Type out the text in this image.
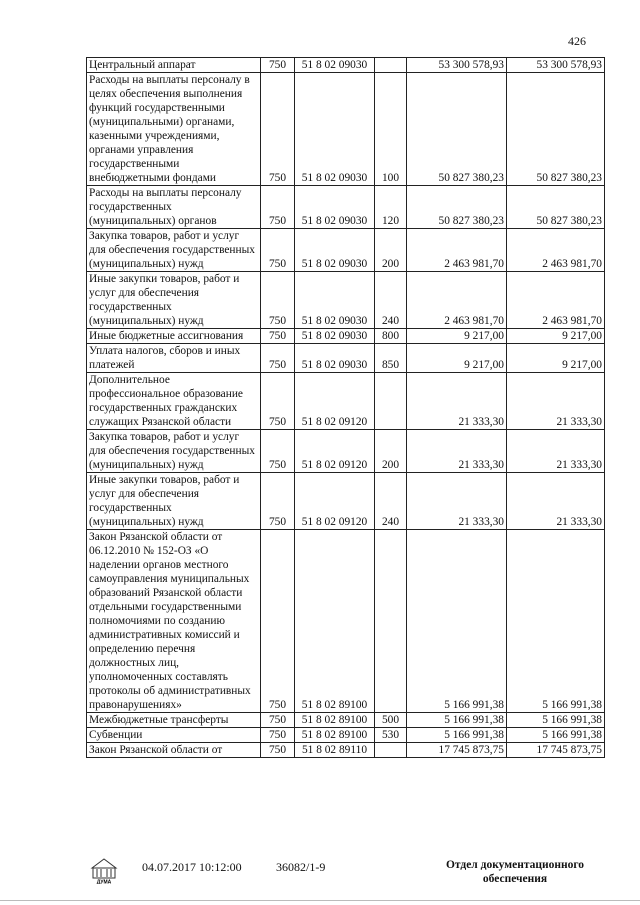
426
Центральный аппарат	750	51 8 02 09030		53 300 578,93	53 300 578,93
Расходы на выплаты персоналу в целях обеспечения выполнения функций государственными (муниципальными) органами, казенными учреждениями, органами управления государственными внебюджетными фондами	750	51 8 02 09030	100	50 827 380,23	50 827 380,23
Расходы на выплаты персоналу государственных (муниципальных) органов	750	51 8 02 09030	120	50 827 380,23	50 827 380,23
Закупка товаров, работ и услуг для обеспечения государственных (муниципальных) нужд	750	51 8 02 09030	200	2 463 981,70	2 463 981,70
Иные закупки товаров, работ и услуг для обеспечения государственных (муниципальных) нужд	750	51 8 02 09030	240	2 463 981,70	2 463 981,70
Иные бюджетные ассигнования	750	51 8 02 09030	800	9 217,00	9 217,00
Уплата налогов, сборов и иных платежей	750	51 8 02 09030	850	9 217,00	9 217,00
Дополнительное профессиональное образование государственных гражданских служащих Рязанской области	750	51 8 02 09120		21 333,30	21 333,30
Закупка товаров, работ и услуг для обеспечения государственных (муниципальных) нужд	750	51 8 02 09120	200	21 333,30	21 333,30
Иные закупки товаров, работ и услуг для обеспечения государственных (муниципальных) нужд	750	51 8 02 09120	240	21 333,30	21 333,30
Закон Рязанской области от 06.12.2010 № 152-ОЗ «О наделении органов местного самоуправления муниципальных образований Рязанской области отдельными государственными полномочиями по созданию административных комиссий и определению перечня должностных лиц, уполномоченных составлять протоколы об административных правонарушениях»	750	51 8 02 89100		5 166 991,38	5 166 991,38
Межбюджетные трансферты	750	51 8 02 89100	500	5 166 991,38	5 166 991,38
Субвенции	750	51 8 02 89100	530	5 166 991,38	5 166 991,38
Закон Рязанской области от	750	51 8 02 89110		17 745 873,75	17 745 873,75
ДУМА
04.07.2017 10:12:00	36082/1-9	Отдел документационного обеспечения
